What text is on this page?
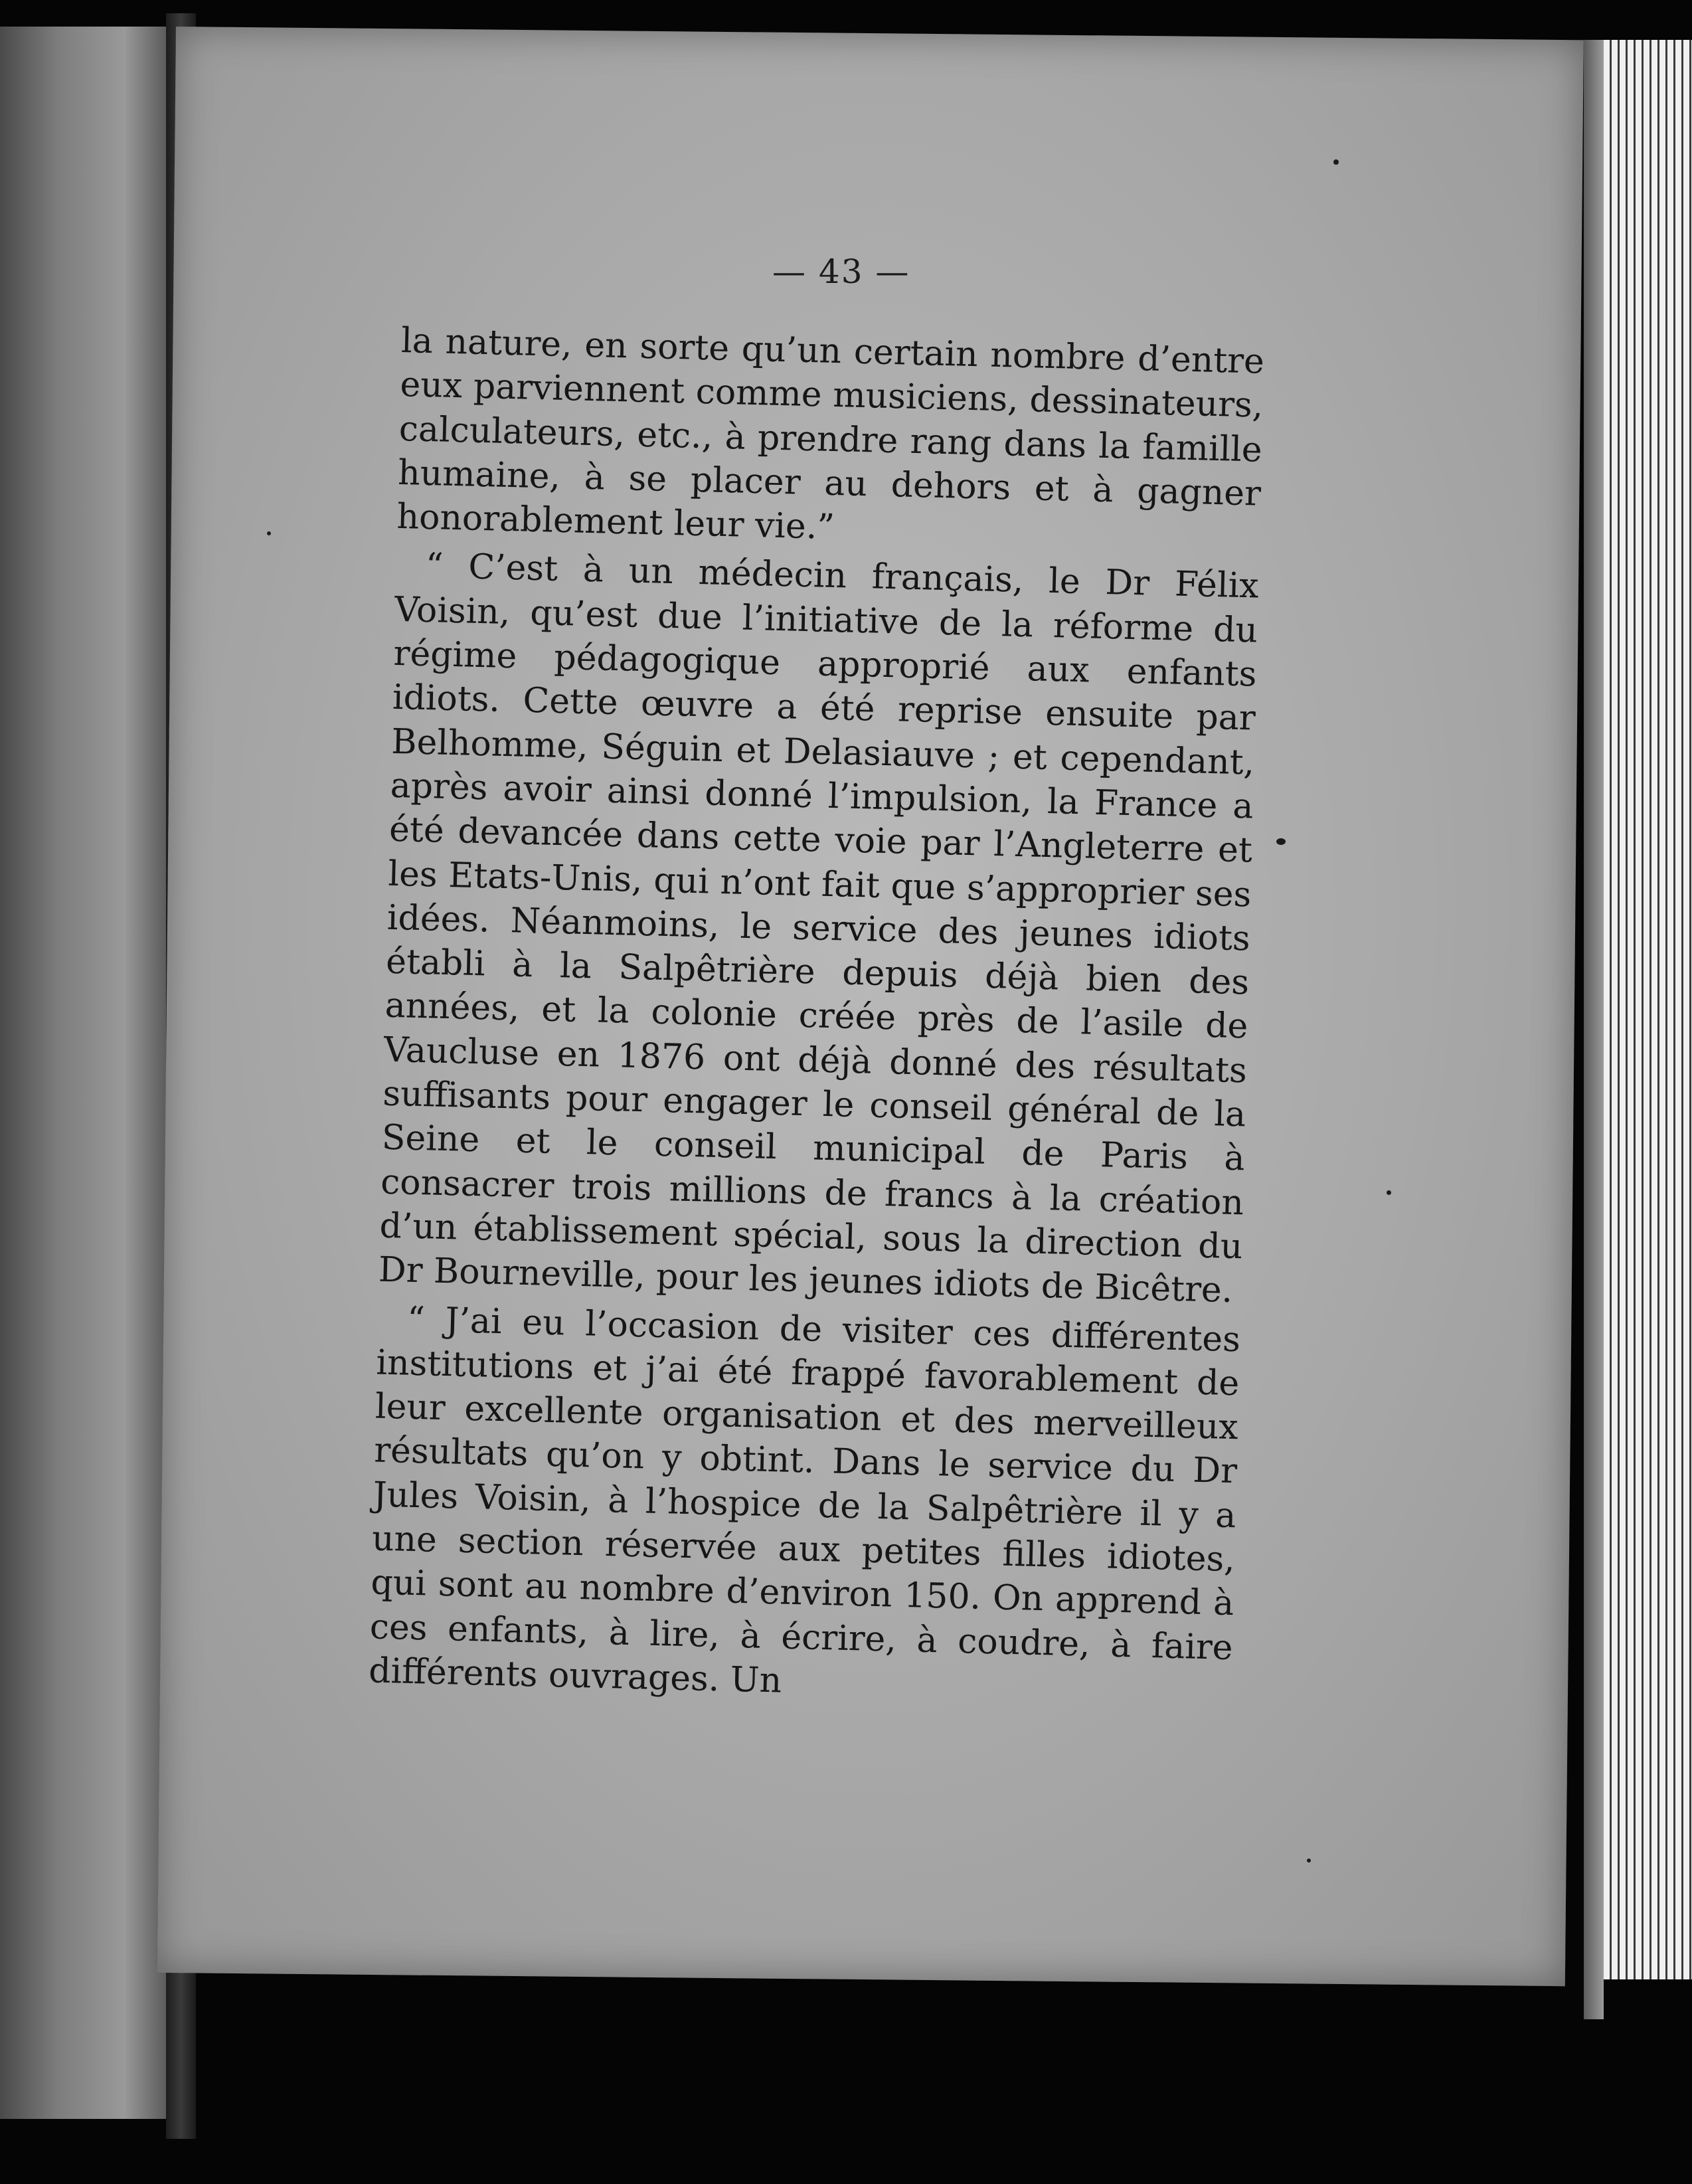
— 43 —

la nature, en sorte qu’un certain nombre d’entre eux parviennent comme musiciens, dessinateurs, calculateurs, etc., à prendre rang dans la famille humaine, à se placer au dehors et à gagner honorablement leur vie.”

“ C’est à un médecin français, le Dr Félix Voisin, qu’est due l’initiative de la réforme du régime pédagogique approprié aux enfants idiots. Cette œuvre a été reprise ensuite par Belhomme, Séguin et Delasiauve ; et cependant, après avoir ainsi donné l’impulsion, la France a été devancée dans cette voie par l’Angleterre et les Etats-Unis, qui n’ont fait que s’approprier ses idées. Néanmoins, le service des jeunes idiots établi à la Salpêtrière depuis déjà bien des années, et la colonie créée près de l’asile de Vaucluse en 1876 ont déjà donné des résultats suffisants pour engager le conseil général de la Seine et le conseil municipal de Paris à consacrer trois millions de francs à la création d’un établissement spécial, sous la direction du Dr Bourneville, pour les jeunes idiots de Bicêtre.

“ J’ai eu l’occasion de visiter ces différentes institutions et j’ai été frappé favorablement de leur excellente organisation et des merveilleux résultats qu’on y obtint. Dans le service du Dr Jules Voisin, à l’hospice de la Salpêtrière il y a une section réservée aux petites filles idiotes, qui sont au nombre d’environ 150. On apprend à ces enfants, à lire, à écrire, à coudre, à faire différents ouvrages. Un
